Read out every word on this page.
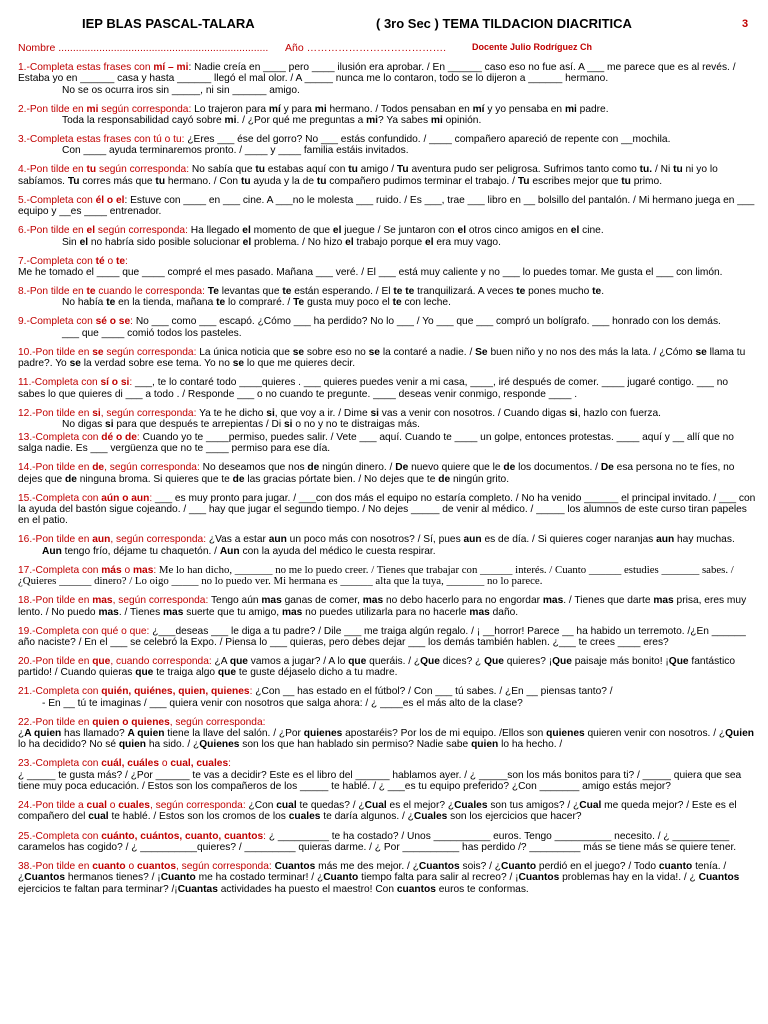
IEP BLAS PASCAL-TALARA	( 3ro Sec ) TEMA TILDACION DIACRITICA	3
Nombre ........................................................................ Año ………………………………….	Docente Julio Rodríguez Ch

1.-Completa estas frases con mí – mi: Nadie creía en ____ pero ____ ilusión era aprobar. / En ______ caso eso no fue así. A ___ me parece que es al revés. / Estaba yo en ______ casa y hasta ______ llegó el mal olor. / A _____ nunca me lo contaron, todo se lo dijeron a ______ hermano.

No se os ocurra iros sin _____, ni sin ______ amigo.

2.-Pon tilde en mi según corresponda: Lo trajeron para mí y para mi hermano. / Todos pensaban en mí y yo pensaba en mi padre.

Toda la responsabilidad cayó sobre mi. / ¿Por qué me preguntas a mi? Ya sabes mi opinión.

3.-Completa estas frases con tú o tu: ¿Eres ___ ése del gorro? No ___ estás confundido. / ____ compañero apareció de repente con __mochila.

Con ____ ayuda terminaremos pronto. / ____ y ____ familia estáis invitados.

4.-Pon tilde en tu según corresponda: No sabía que tu estabas aquí con tu amigo / Tu aventura pudo ser peligrosa. Sufrimos tanto como tu. / Ni tu ni yo lo sabíamos. Tu corres más que tu hermano. / Con tu ayuda y la de tu compañero pudimos terminar el trabajo. / Tu escribes mejor que tu primo.

5.-Completa con él o el: Estuve con ____ en ___ cine. A ___no le molesta ___ ruido. / Es ___, trae ___ libro en __ bolsillo del pantalón. / Mi hermano juega en ___ equipo y __es ____ entrenador.

6.-Pon tilde en el según corresponda: Ha llegado el momento de que el juegue / Se juntaron con el otros cinco amigos en el cine.

Sin el no habría sido posible solucionar el problema. / No hizo el trabajo porque el era muy vago.

7.-Completa con té o te:

Me he tomado el ____ que ____ compré el mes pasado. Mañana ___ veré. / El ___ está muy caliente y no ___ lo puedes tomar. Me gusta el ___ con limón.

8.-Pon tilde en te cuando le corresponda: Te levantas que te están esperando. / El te te tranquilizará. A veces te pones mucho te.

No había te en la tienda, mañana te lo compraré. / Te gusta muy poco el te con leche.

9.-Completa con sé o se: No ___ como ___ escapó. ¿Cómo ___ ha perdido? No lo ___ / Yo ___ que ___ compró un bolígrafo. ___ honrado con los demás.

___ que ____ comió todos los pasteles.

10.-Pon tilde en se según corresponda: La única noticia que se sobre eso no se la contaré a nadie. / Se buen niño y no nos des más la lata. / ¿Cómo se llama tu padre?. Yo se la verdad sobre ese tema. Yo no se lo que me quieres decir.

11.-Completa con sí o si: ___, te lo contaré todo ____quieres . ___ quieres puedes venir a mi casa, ____, iré después de comer. ____ jugaré contigo. ___ no sabes lo que quieres di ___ a todo . / Responde ___ o no cuando te pregunte. ____ deseas venir conmigo, responde ____ .

12.-Pon tilde en si, según corresponda: Ya te he dicho si, que voy a ir. / Dime si vas a venir con nosotros. / Cuando digas si, hazlo con fuerza.

No digas si para que después te arrepientas / Di si o no y no te distraigas más.

13.-Completa con dé o de: Cuando yo te ____permiso, puedes salir. / Vete ___ aquí. Cuando te ____ un golpe, entonces protestas. ____ aquí y __ allí que no salga nadie. Es ___ vergüenza que no te ____ permiso para ese día.

14.-Pon tilde en de, según corresponda: No deseamos que nos de ningún dinero. / De nuevo quiere que le de los documentos. / De esa persona no te fíes, no dejes que de ninguna broma. Si quieres que te de las gracias pórtate bien. / No dejes que te de ningún grito.

15.-Completa con aún o aun: ___ es muy pronto para jugar. / ___con dos más el equipo no estaría completo. / No ha venido ______ el principal invitado. / ___ con la ayuda del bastón sigue cojeando. / ___ hay que jugar el segundo tiempo. / No dejes _____ de venir al médico. / _____ los alumnos de este curso tiran papeles en el patio.

16.-Pon tilde en aun, según corresponda: ¿Vas a estar aun un poco más con nosotros? / Sí, pues aun es de día. / Si quieres coger naranjas aun hay muchas.

Aun tengo frío, déjame tu chaquetón. / Aun con la ayuda del médico le cuesta respirar.

17.-Completa con más o mas: Me lo han dicho, _______ no me lo puedo creer. / Tienes que trabajar con ______ interés. / Cuanto ______ estudies _______ sabes. / ¿Quieres ______ dinero? / Lo oigo _____ no lo puedo ver. Mi hermana es ______ alta que la tuya, _______ no lo parece.

18.-Pon tilde en mas, según corresponda: Tengo aún mas ganas de comer, mas no debo hacerlo para no engordar mas. / Tienes que darte mas prisa, eres muy lento. / No puedo mas. / Tienes mas suerte que tu amigo, mas no puedes utilizarla para no hacerle mas daño.

19.-Completa con qué o que: ¿___deseas ___ le diga a tu padre? / Dile ___ me traiga algún regalo. / ¡ __horror! Parece __ ha habido un terremoto. /¿En ______ año naciste? / En el ___ se celebró la Expo. / Piensa lo ___ quieras, pero debes dejar ___ los demás también hablen. ¿___ te crees ____ eres?

20.-Pon tilde en que, cuando corresponda: ¿A que vamos a jugar? / A lo que queráis. / ¿Que dices? ¿ Que quieres? ¡Que paisaje más bonito! ¡Que fantástico partido! / Cuando quieras que te traiga algo que te guste déjaselo dicho a tu madre.

21.-Completa con quién, quiénes, quien, quienes: ¿Con __ has estado en el fútbol? / Con ___ tú sabes. / ¿En __ piensas tanto? /

- En __ tú te imaginas / ___ quiera venir con nosotros que salga ahora: / ¿ ____es el más alto de la clase?

22.-Pon tilde en quien o quienes, según corresponda:

¿A quien has llamado? A quien tiene la llave del salón. / ¿Por quienes apostaréis? Por los de mi equipo. /Ellos son quienes quieren venir con nosotros. / ¿Quien lo ha decidido? No sé quien ha sido. / ¿Quienes son los que han hablado sin permiso? Nadie sabe quien lo ha hecho. /

23.-Completa con cuál, cuáles o cual, cuales:

¿ _____ te gusta más? / ¿Por ______ te vas a decidir? Este es el libro del ______ hablamos ayer. / ¿ _____son los más bonitos para ti? / _____ quiera que sea tiene muy poca educación. / Estos son los compañeros de los _____ te hablé. / ¿ ___es tu equipo preferido? ¿Con _______ amigo estás mejor?

24.-Pon tilde a cual o cuales, según corresponda: ¿Con cual te quedas? / ¿Cual es el mejor? ¿Cuales son tus amigos? / ¿Cual me queda mejor? / Este es el compañero del cual te hablé. / Estos son los cromos de los cuales te daría algunos. / ¿Cuales son los ejercicios que hacer?

25.-Completa con cuánto, cuántos, cuanto, cuantos: ¿ _________ te ha costado? / Unos __________ euros. Tengo __________ necesito. / ¿ __________ caramelos has cogido? / ¿ __________quieres? / _________ quieras darme. / ¿ Por __________ has perdido /? _________ más se tiene más se quiere tener.

38.-Pon tilde en cuanto o cuantos, según corresponda: Cuantos más me des mejor. / ¿Cuantos sois? / ¿Cuanto perdió en el juego? / Todo cuanto tenía. / ¿Cuantos hermanos tienes? / ¡Cuanto me ha costado terminar! / ¿Cuanto tiempo falta para salir al recreo? / ¡Cuantos problemas hay en la vida!. / ¿ Cuantos ejercicios te faltan para terminar? /¡Cuantas actividades ha puesto el maestro! Con cuantos euros te conformas.
